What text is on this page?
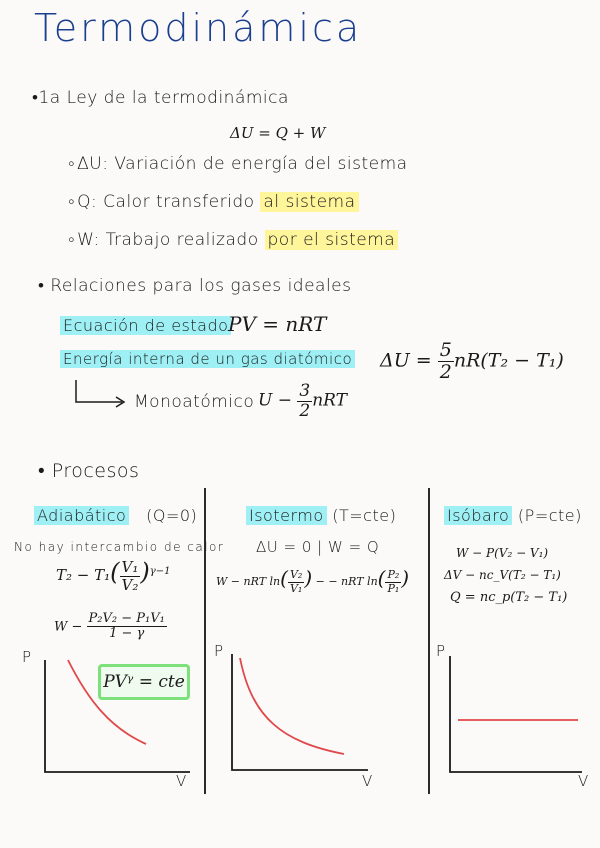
Termodinámica
•1a Ley de la termodinámica
ΔU = Q + W
∘ΔU: Variación de energía del sistema
∘Q: Calor transferido al sistema
∘W: Trabajo realizado por el sistema
• Relaciones para los gases ideales
Ecuación de estado PV = nRT
Energía interna de un gas diatómico $\Delta U = \frac{5}{2} nR(T_2 - T_1)$
Monoatómico $U - \frac{3}{2}$ nRT
• Procesos
Adiabático (Q=0)
No hay intercambio de calor
$T_2 - T_1( \frac{\text{V₁}}{\text{V₂}} )^{\gamma-1}$
$W - \frac{\text{P₂V₂ − P₁V₁}}{1 - \gamma}$
PVᵞ = cte
P
V
Isotermo (T=cte)
ΔU = 0 | W = Q
W − nRT $\ln( \frac{\text{V₂}}{\text{V₁}}$ ) − − nRT $\ln( \frac{\text{P₂}}{\text{P₁}}$ )
P
V
Isóbaro (P=cte)
W − P(V₂ − V₁)
ΔV − nc_V(T₂ − T₁)
Q = nc_p(T₂ − T₁)
P
V
